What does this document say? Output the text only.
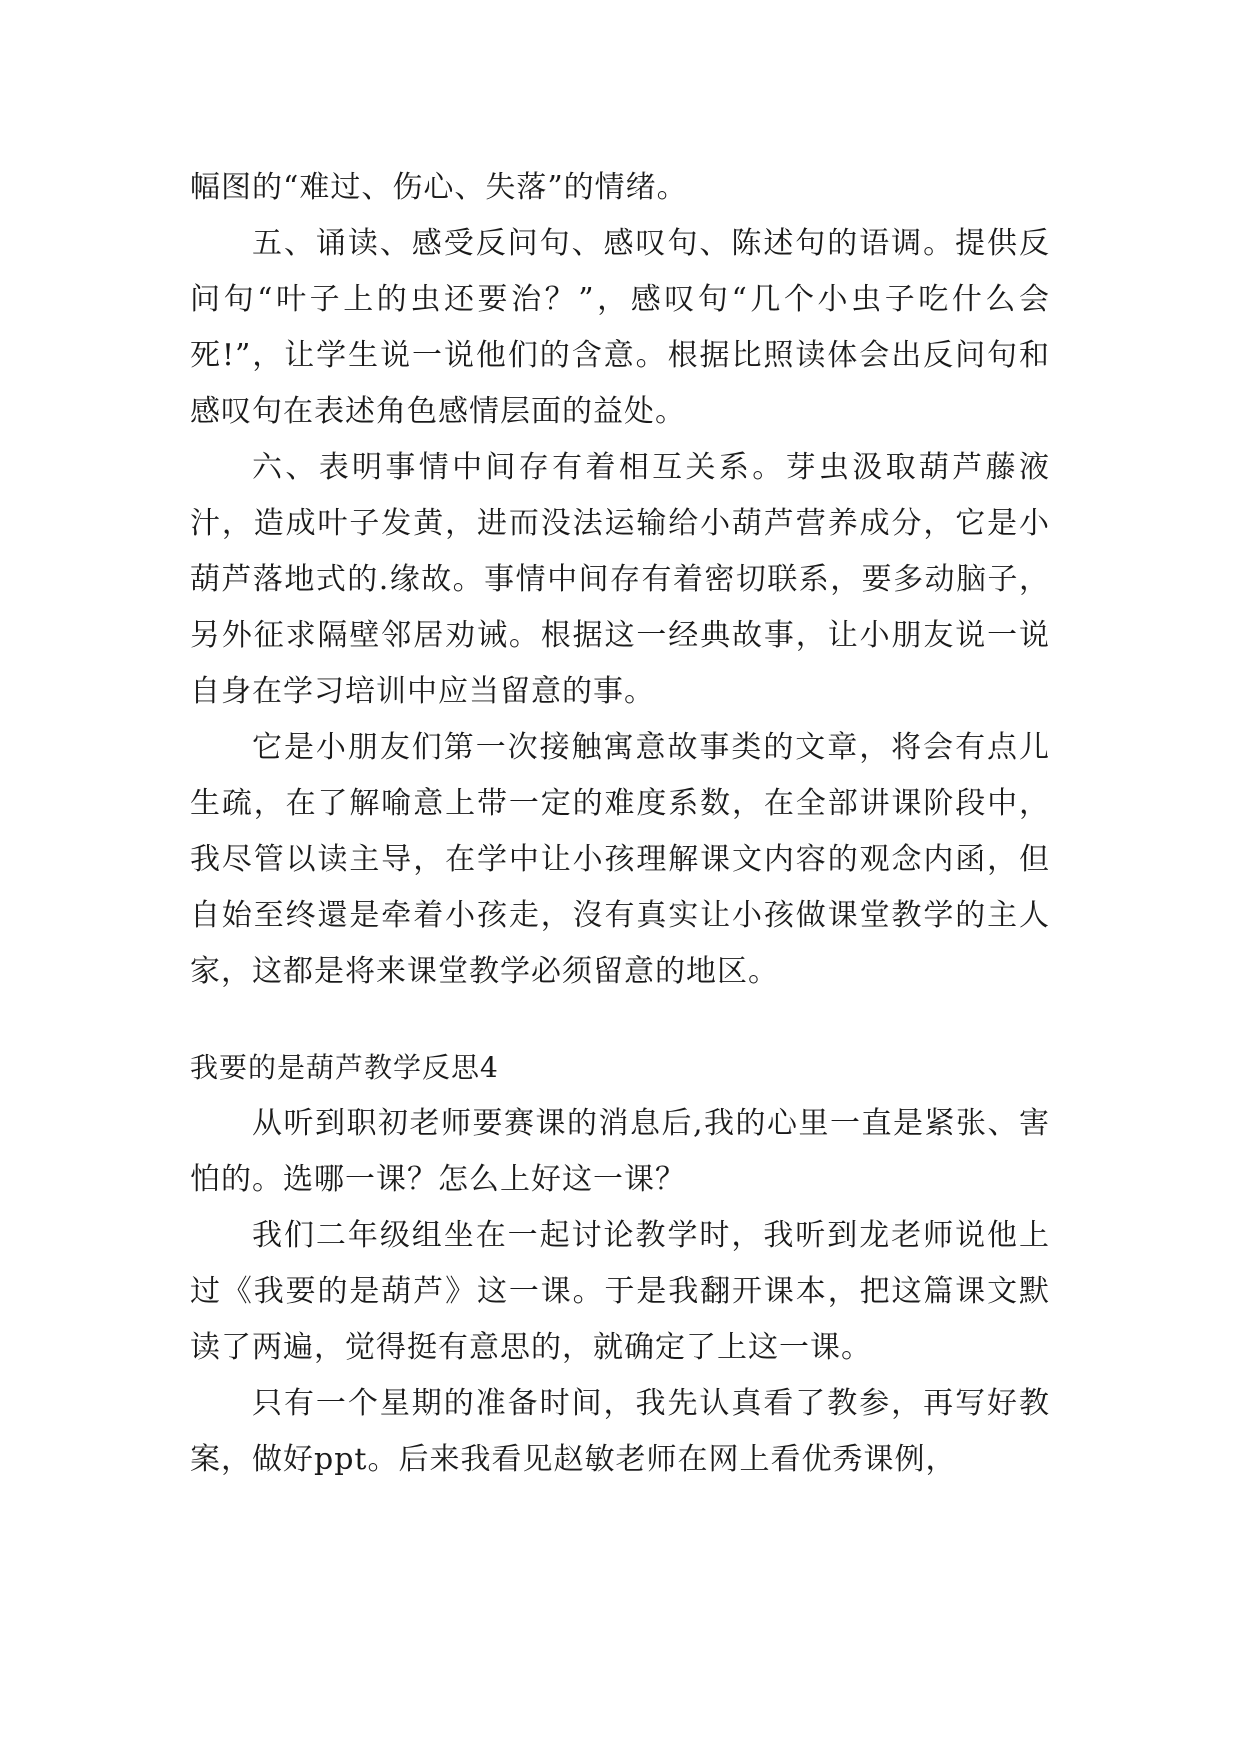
幅图的“难过、伤心、失落”的情绪。

五、诵读、感受反问句、感叹句、陈述句的语调。提供反问句“叶子上的虫还要治？”，感叹句“几个小虫子吃什么会死!”，让学生说一说他们的含意。根据比照读体会出反问句和感叹句在表述角色感情层面的益处。

六、表明事情中间存有着相互关系。芽虫汲取葫芦藤液汁，造成叶子发黄，进而没法运输给小葫芦营养成分，它是小葫芦落地式的.缘故。事情中间存有着密切联系，要多动脑子，另外征求隔壁邻居劝诫。根据这一经典故事，让小朋友说一说自身在学习培训中应当留意的事。

它是小朋友们第一次接触寓意故事类的文章，将会有点儿生疏，在了解喻意上带一定的难度系数，在全部讲课阶段中，我尽管以读主导，在学中让小孩理解课文内容的观念内函，但自始至终還是牵着小孩走，沒有真实让小孩做课堂教学的主人家，这都是将来课堂教学必须留意的地区。

我要的是葫芦教学反思4

从听到职初老师要赛课的消息后,我的心里一直是紧张、害怕的。选哪一课？怎么上好这一课？

我们二年级组坐在一起讨论教学时，我听到龙老师说他上过《我要的是葫芦》这一课。于是我翻开课本，把这篇课文默读了两遍，觉得挺有意思的，就确定了上这一课。

只有一个星期的准备时间，我先认真看了教参，再写好教案，做好ppt。后来我看见赵敏老师在网上看优秀课例，
